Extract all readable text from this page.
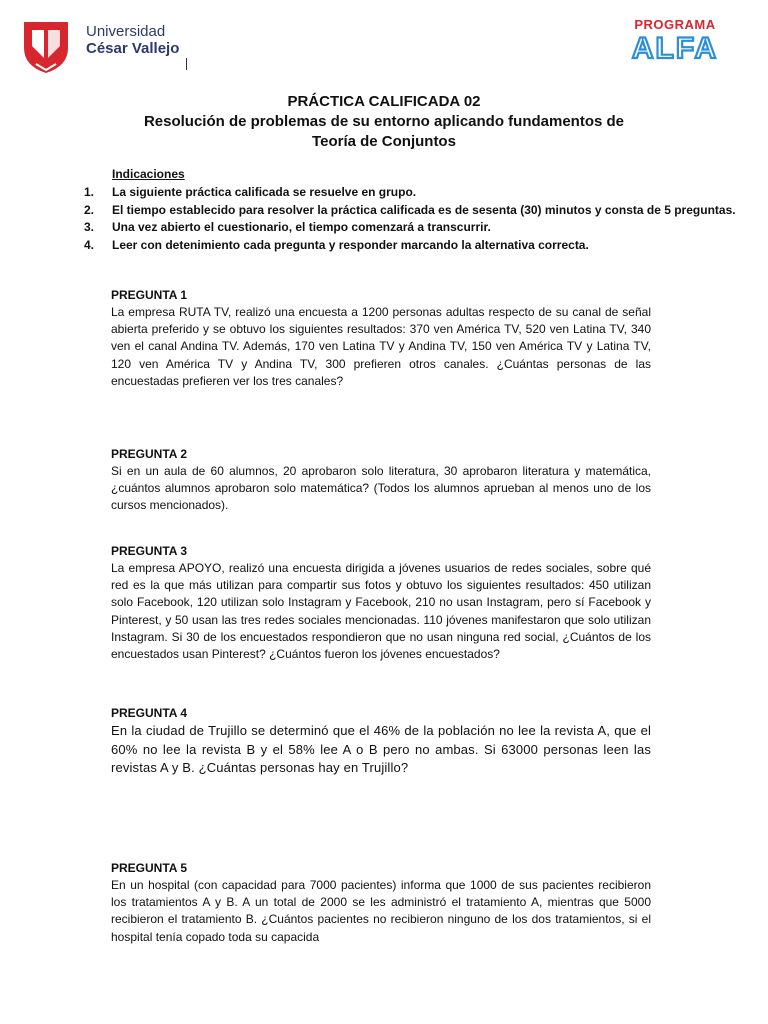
Universidad
César Vallejo
PROGRAMA
ALFA
PRÁCTICA CALIFICADA 02
Resolución de problemas de su entorno aplicando fundamentos de
Teoría de Conjuntos
Indicaciones
1. La siguiente práctica calificada se resuelve en grupo.
2. El tiempo establecido para resolver la práctica calificada es de sesenta (30) minutos y consta de 5 preguntas.
3. Una vez abierto el cuestionario, el tiempo comenzará a transcurrir.
4. Leer con detenimiento cada pregunta y responder marcando la alternativa correcta.
PREGUNTA 1
La empresa RUTA TV, realizó una encuesta a 1200 personas adultas respecto de su canal de señal abierta preferido y se obtuvo los siguientes resultados: 370 ven América TV, 520 ven Latina TV, 340 ven el canal Andina TV. Además, 170 ven Latina TV y Andina TV, 150 ven América TV y Latina TV, 120 ven América TV y Andina TV, 300 prefieren otros canales. ¿Cuántas personas de las encuestadas prefieren ver los tres canales?
PREGUNTA 2
Si en un aula de 60 alumnos, 20 aprobaron solo literatura, 30 aprobaron literatura y matemática, ¿cuántos alumnos aprobaron solo matemática? (Todos los alumnos aprueban al menos uno de los cursos mencionados).
PREGUNTA 3
La empresa APOYO, realizó una encuesta dirigida a jóvenes usuarios de redes sociales, sobre qué red es la que más utilizan para compartir sus fotos y obtuvo los siguientes resultados: 450 utilizan solo Facebook, 120 utilizan solo Instagram y Facebook, 210 no usan Instagram, pero sí Facebook y Pinterest, y 50 usan las tres redes sociales mencionadas. 110 jóvenes manifestaron que solo utilizan Instagram. Si 30 de los encuestados respondieron que no usan ninguna red social, ¿Cuántos de los encuestados usan Pinterest? ¿Cuántos fueron los jóvenes encuestados?
PREGUNTA 4
En la ciudad de Trujillo se determinó que el 46% de la población no lee la revista A, que el 60% no lee la revista B y el 58% lee A o B pero no ambas. Si 63000 personas leen las revistas A y B. ¿Cuántas personas hay en Trujillo?
PREGUNTA 5
En un hospital (con capacidad para 7000 pacientes) informa que 1000 de sus pacientes recibieron los tratamientos A y B. A un total de 2000 se les administró el tratamiento A, mientras que 5000 recibieron el tratamiento B. ¿Cuántos pacientes no recibieron ninguno de los dos tratamientos, si el hospital tenía copado toda su capacida
